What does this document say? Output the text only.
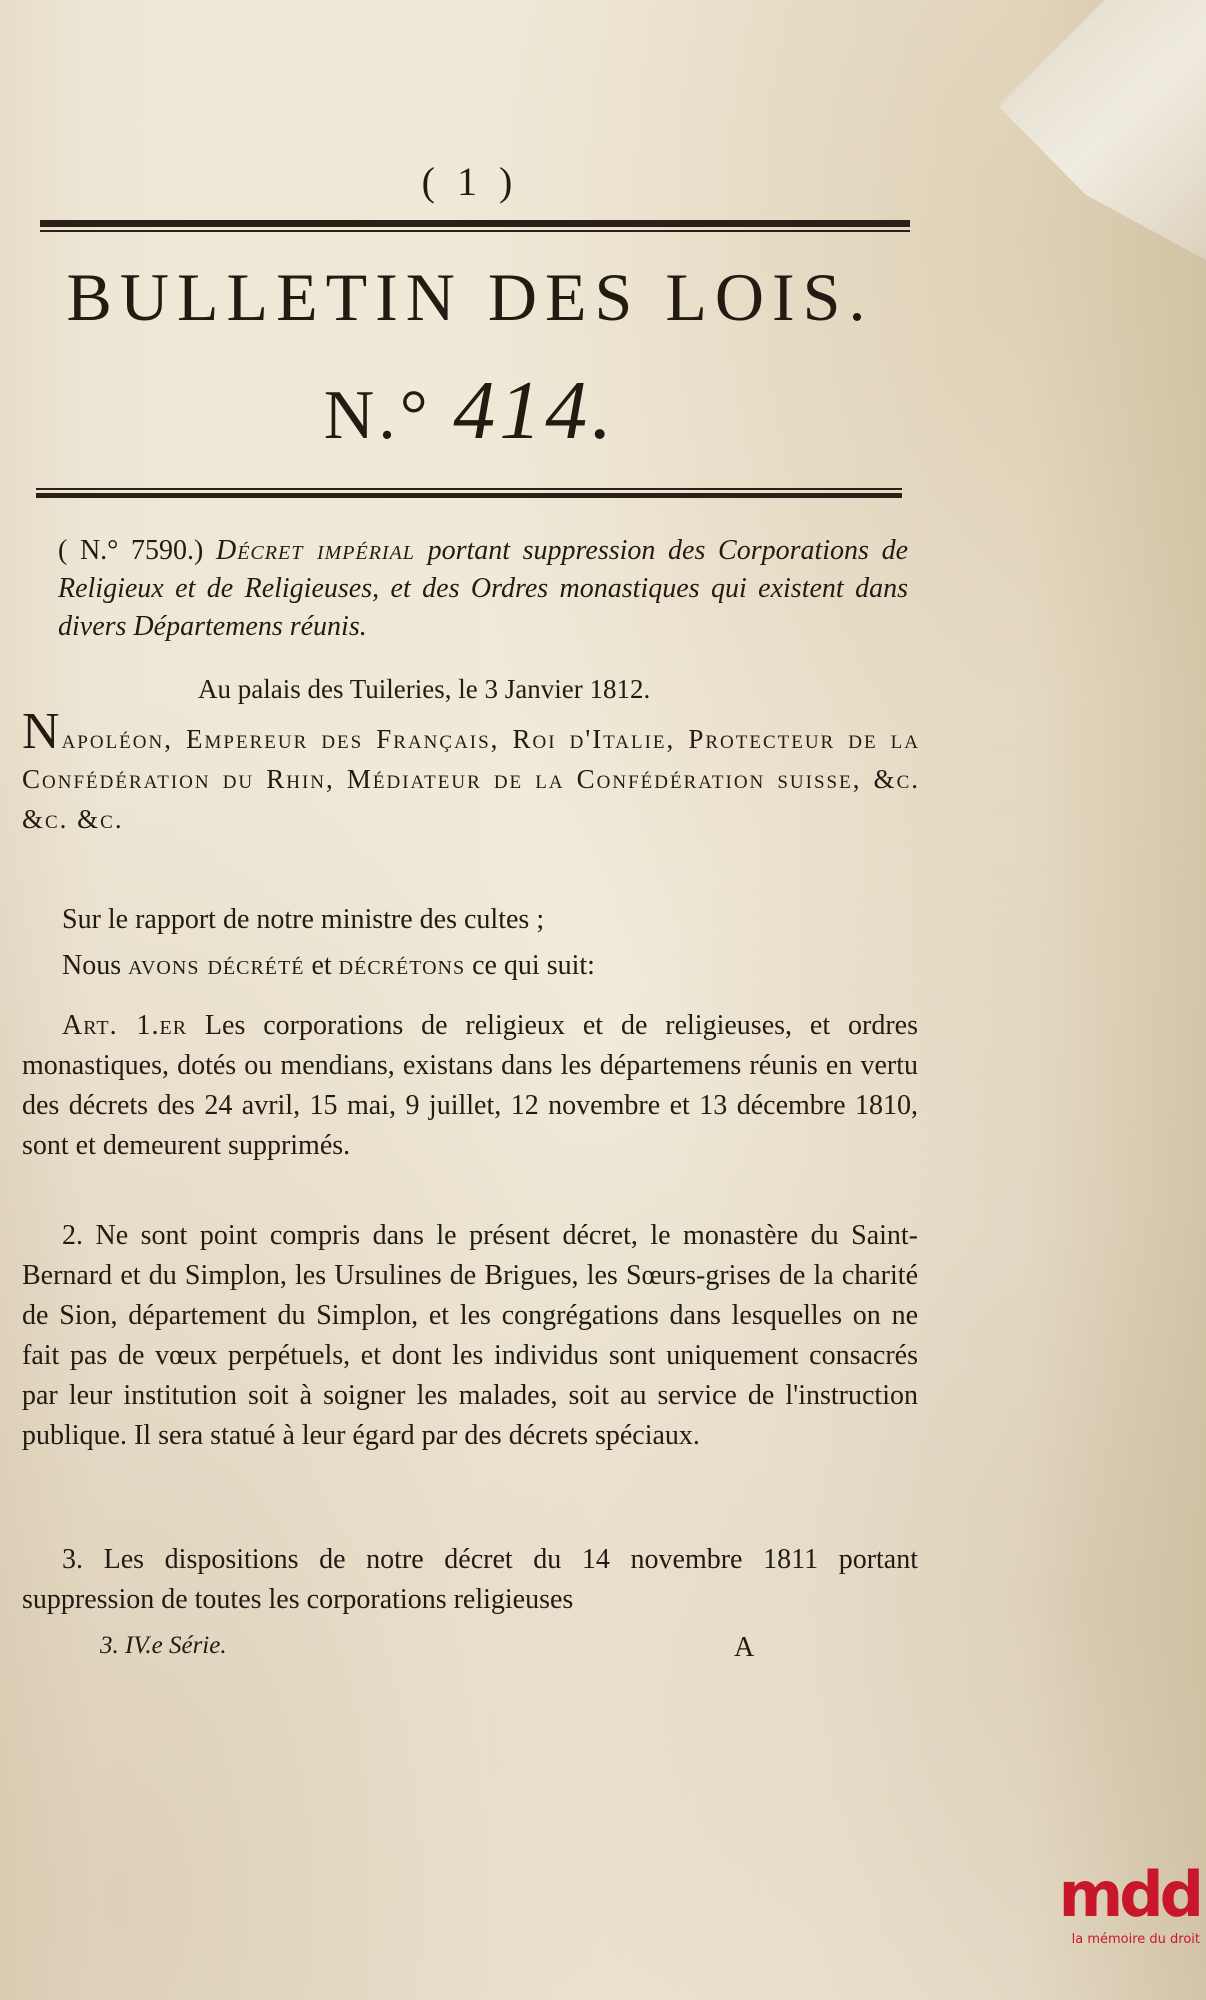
( 1 )
BULLETIN DES LOIS.
N.° 414.
( N.° 7590.) Décret impérial portant suppression des Corporations de Religieux et de Religieuses, et des Ordres monastiques qui existent dans divers Départemens réunis.
Au palais des Tuileries, le 3 Janvier 1812.
Napoléon, Empereur des Français, Roi d'Italie, Protecteur de la Confédération du Rhin, Médiateur de la Confédération suisse, &c. &c. &c.
Sur le rapport de notre ministre des cultes ;
Nous avons décrété et décrétons ce qui suit:
Art. 1.er Les corporations de religieux et de religieuses, et ordres monastiques, dotés ou mendians, existans dans les départemens réunis en vertu des décrets des 24 avril, 15 mai, 9 juillet, 12 novembre et 13 décembre 1810, sont et demeurent supprimés.
2. Ne sont point compris dans le présent décret, le monastère du Saint-Bernard et du Simplon, les Ursulines de Brigues, les Sœurs-grises de la charité de Sion, département du Simplon, et les congrégations dans lesquelles on ne fait pas de vœux perpétuels, et dont les individus sont uniquement consacrés par leur institution soit à soigner les malades, soit au service de l'instruction publique. Il sera statué à leur égard par des décrets spéciaux.
3. Les dispositions de notre décret du 14 novembre 1811 portant suppression de toutes les corporations religieuses
3. IV.e Série.	A
mdd
la mémoire du droit
